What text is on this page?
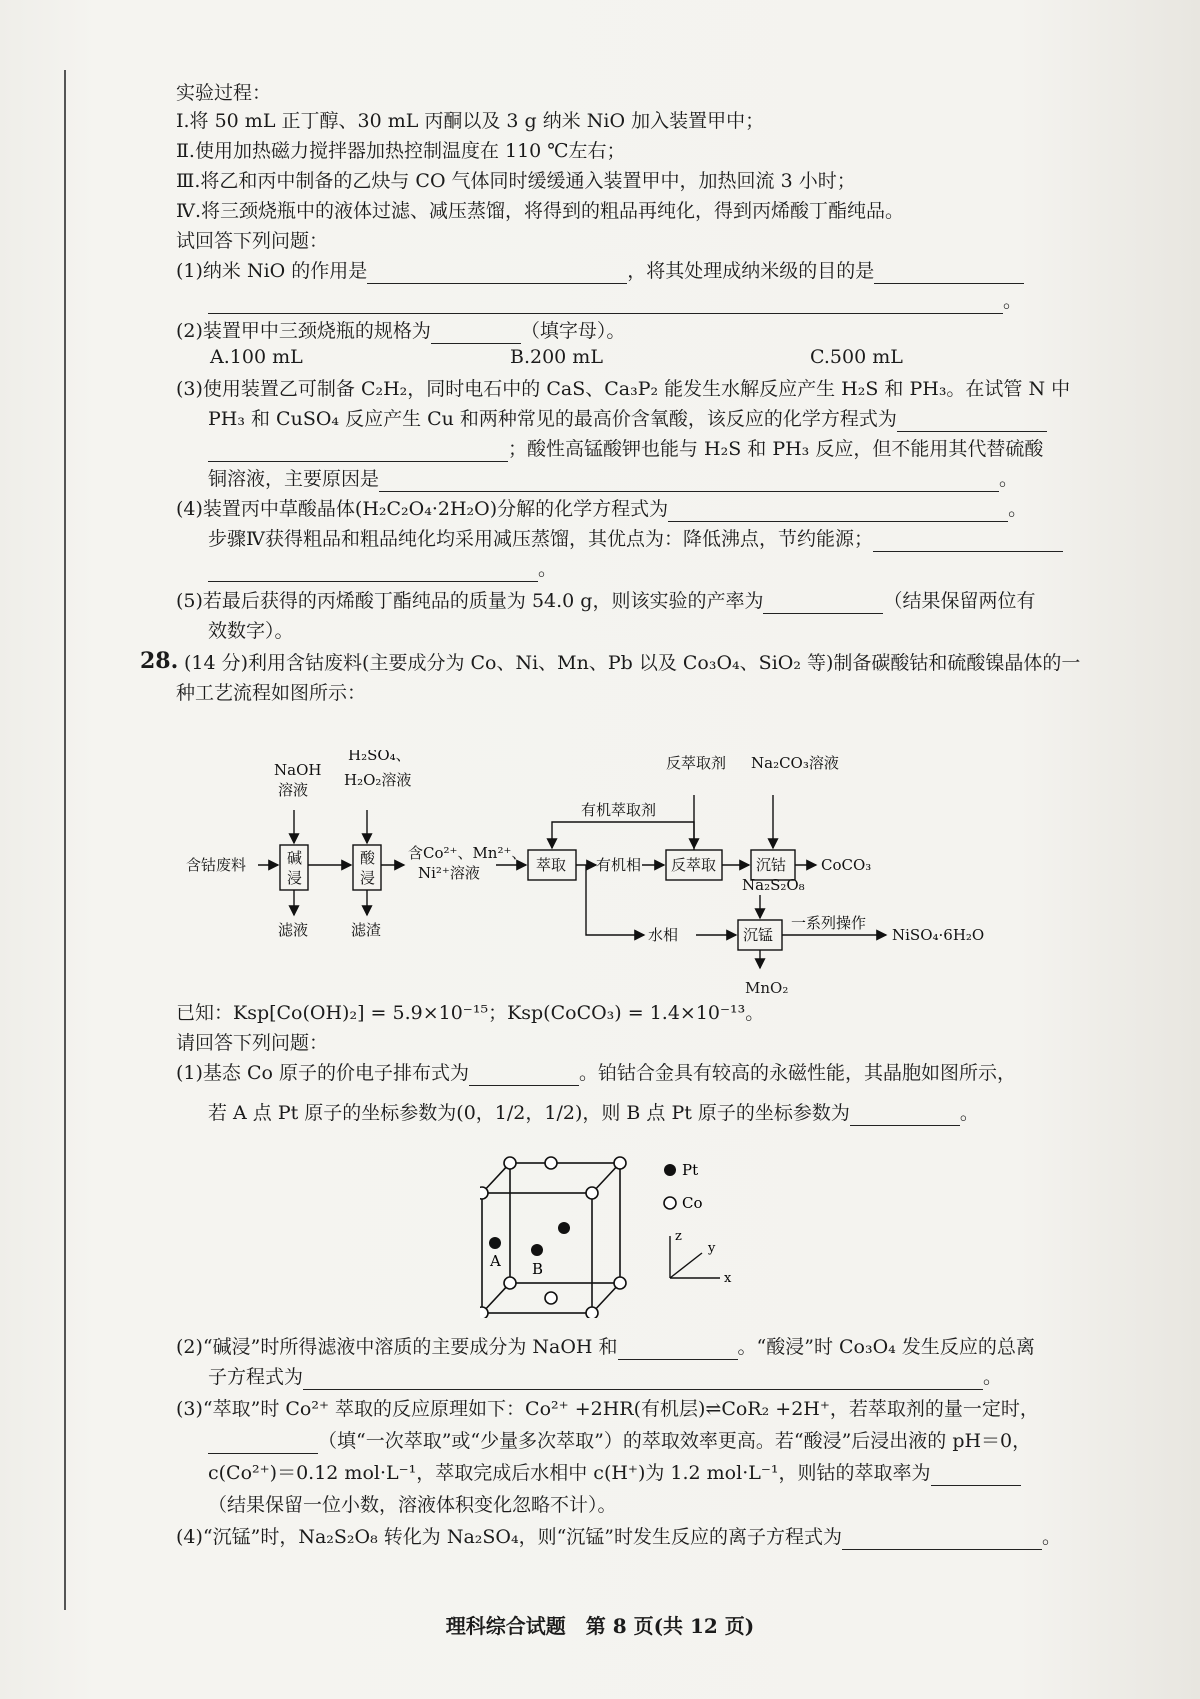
实验过程：
Ⅰ.将 50 mL 正丁醇、30 mL 丙酮以及 3 g 纳米 NiO 加入装置甲中；
Ⅱ.使用加热磁力搅拌器加热控制温度在 110 ℃左右；
Ⅲ.将乙和丙中制备的乙炔与 CO 气体同时缓缓通入装置甲中，加热回流 3 小时；
Ⅳ.将三颈烧瓶中的液体过滤、减压蒸馏，将得到的粗品再纯化，得到丙烯酸丁酯纯品。
试回答下列问题：
(1)纳米 NiO 的作用是	，将其处理成纳米级的目的是
。
(2)装置甲中三颈烧瓶的规格为	（填字母）。
A.100 mL	B.200 mL	C.500 mL
(3)使用装置乙可制备 C₂H₂，同时电石中的 CaS、Ca₃P₂ 能发生水解反应产生 H₂S 和 PH₃。在试管 N 中
PH₃ 和 CuSO₄ 反应产生 Cu 和两种常见的最高价含氧酸，该反应的化学方程式为
；酸性高锰酸钾也能与 H₂S 和 PH₃ 反应，但不能用其代替硫酸
铜溶液，主要原因是	。
(4)装置丙中草酸晶体(H₂C₂O₄·2H₂O)分解的化学方程式为	。
步骤Ⅳ获得粗品和粗品纯化均采用减压蒸馏，其优点为：降低沸点，节约能源；
。
(5)若最后获得的丙烯酸丁酯纯品的质量为 54.0 g，则该实验的产率为	（结果保留两位有
效数字）。
28. (14 分)利用含钴废料(主要成分为 Co、Ni、Mn、Pb 以及 Co₃O₄、SiO₂ 等)制备碳酸钴和硫酸镍晶体的一
种工艺流程如图所示：
含钴废料
NaOH
溶液
H₂SO₄、
H₂O₂溶液
碱
浸
酸
浸
滤液	滤渣
含Co²⁺、Mn²⁺、
Ni²⁺溶液	萃取
有机萃取剂
有机相 反萃取
反萃取剂 Na₂CO₃溶液
沉钴 CoCO₃
水相
Na₂S₂O₈
沉锰
一系列操作
NiSO₄·6H₂O
MnO₂
已知：Ksp[Co(OH)₂] = 5.9×10⁻¹⁵；Ksp(CoCO₃) = 1.4×10⁻¹³。
请回答下列问题：
(1)基态 Co 原子的价电子排布式为	。铂钴合金具有较高的永磁性能，其晶胞如图所示，
若 A 点 Pt 原子的坐标参数为(0，1/2，1/2)，则 B 点 Pt 原子的坐标参数为	。
A B
Pt
Co
z
y
x
(2)“碱浸”时所得滤液中溶质的主要成分为 NaOH 和	。“酸浸”时 Co₃O₄ 发生反应的总离
子方程式为	。
(3)“萃取”时 Co²⁺ 萃取的反应原理如下：Co²⁺ +2HR(有机层)⇌CoR₂ +2H⁺，若萃取剂的量一定时，
（填“一次萃取”或“少量多次萃取”）的萃取效率更高。若“酸浸”后浸出液的 pH＝0，
c(Co²⁺)＝0.12 mol·L⁻¹，萃取完成后水相中 c(H⁺)为 1.2 mol·L⁻¹，则钴的萃取率为
（结果保留一位小数，溶液体积变化忽略不计）。
(4)“沉锰”时，Na₂S₂O₈ 转化为 Na₂SO₄，则“沉锰”时发生反应的离子方程式为	。
理科综合试题　第 8 页(共 12 页)
